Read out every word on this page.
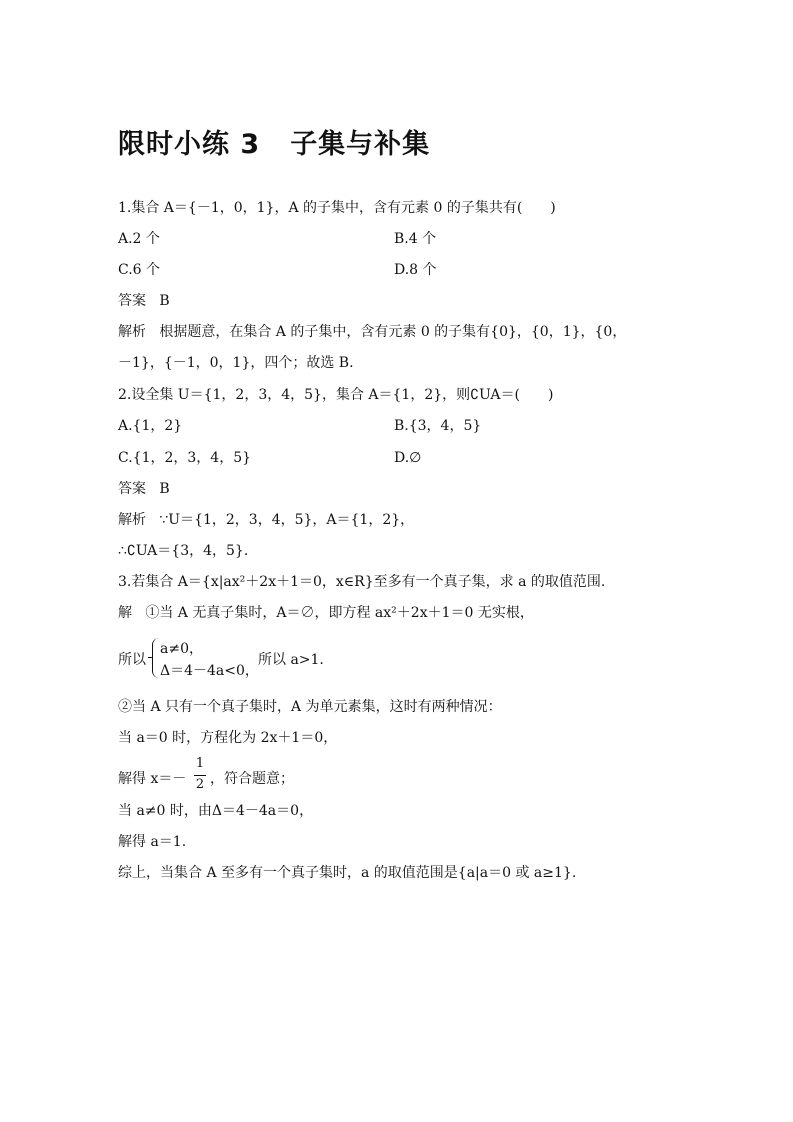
限时小练 3 子集与补集
1.集合 A＝{－1，0，1}，A 的子集中，含有元素 0 的子集共有(　　)
A.2 个	B.4 个
C.6 个	D.8 个
答案 B
解析 根据题意，在集合 A 的子集中，含有元素 0 的子集有{0}，{0，1}，{0，
－1}，{－1，0，1}，四个；故选 B.
2.设全集 U＝{1，2，3，4，5}，集合 A＝{1，2}，则∁UA＝(　　)
A.{1，2}	B.{3，4，5}
C.{1，2，3，4，5}	D.∅
答案 B
解析 ∵U＝{1，2，3，4，5}，A＝{1，2}，
∴∁UA＝{3，4，5}.
3.若集合 A＝{x|ax²＋2x＋1＝0，x∈R}至多有一个真子集，求 a 的取值范围.
解 ①当 A 无真子集时，A＝∅，即方程 ax²＋2x＋1＝0 无实根，
所以
a≠0，
Δ＝4－4a<0，
所以 a>1.
②当 A 只有一个真子集时，A 为单元素集，这时有两种情况：
当 a＝0 时，方程化为 2x＋1＝0，
解得 x＝－
1
2 ，符合题意；
当 a≠0 时，由Δ＝4－4a＝0，
解得 a＝1.
综上，当集合 A 至多有一个真子集时，a 的取值范围是{a|a＝0 或 a≥1}.
